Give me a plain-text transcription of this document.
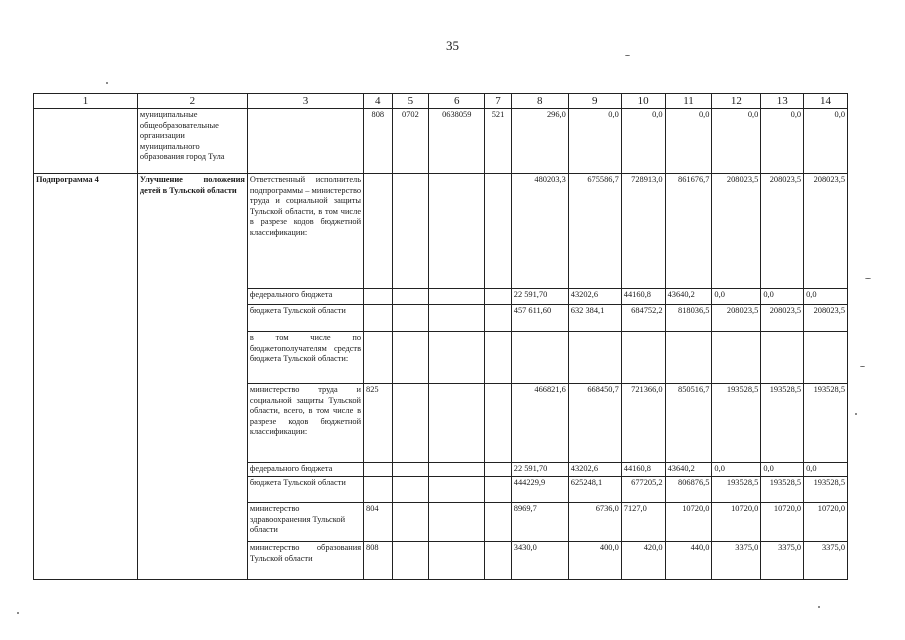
35
1	2	3	4	5	6	7	8	9	10	11	12	13	14
	муниципальные общеобразовательные организации муниципального образования город Тула		808	0702	0638059	521	296,0	0,0	0,0	0,0	0,0	0,0	0,0
Подпрограмма 4	Улучшение положения детей в Тульской области	Ответственный исполнитель подпрограммы – министерство труда и социальной защиты Тульской области, в том числе в разрезе кодов бюджетной классификации:					480203,3	675586,7	728913,0	861676,7	208023,5	208023,5	208023,5
		федерального бюджета					22 591,70	43202,6	44160,8	43640,2	0,0	0,0	0,0
		бюджета Тульской области					457 611,60	632 384,1	684752,2	818036,5	208023,5	208023,5	208023,5
		в том числе по бюджетополучателям средств бюджета Тульской области:											
		министерство труда и социальной защиты Тульской области, всего, в том числе в разрезе кодов бюджетной классификации:	825				466821,6	668450,7	721366,0	850516,7	193528,5	193528,5	193528,5
		федерального бюджета					22 591,70	43202,6	44160,8	43640,2	0,0	0,0	0,0
		бюджета Тульской области					444229,9	625248,1	677205,2	806876,5	193528,5	193528,5	193528,5
		министерство здравоохранения Тульской области	804				8969,7	6736,0	7127,0	10720,0	10720,0	10720,0	10720,0
		министерство образования Тульской области	808				3430,0	400,0	420,0	440,0	3375,0	3375,0	3375,0
